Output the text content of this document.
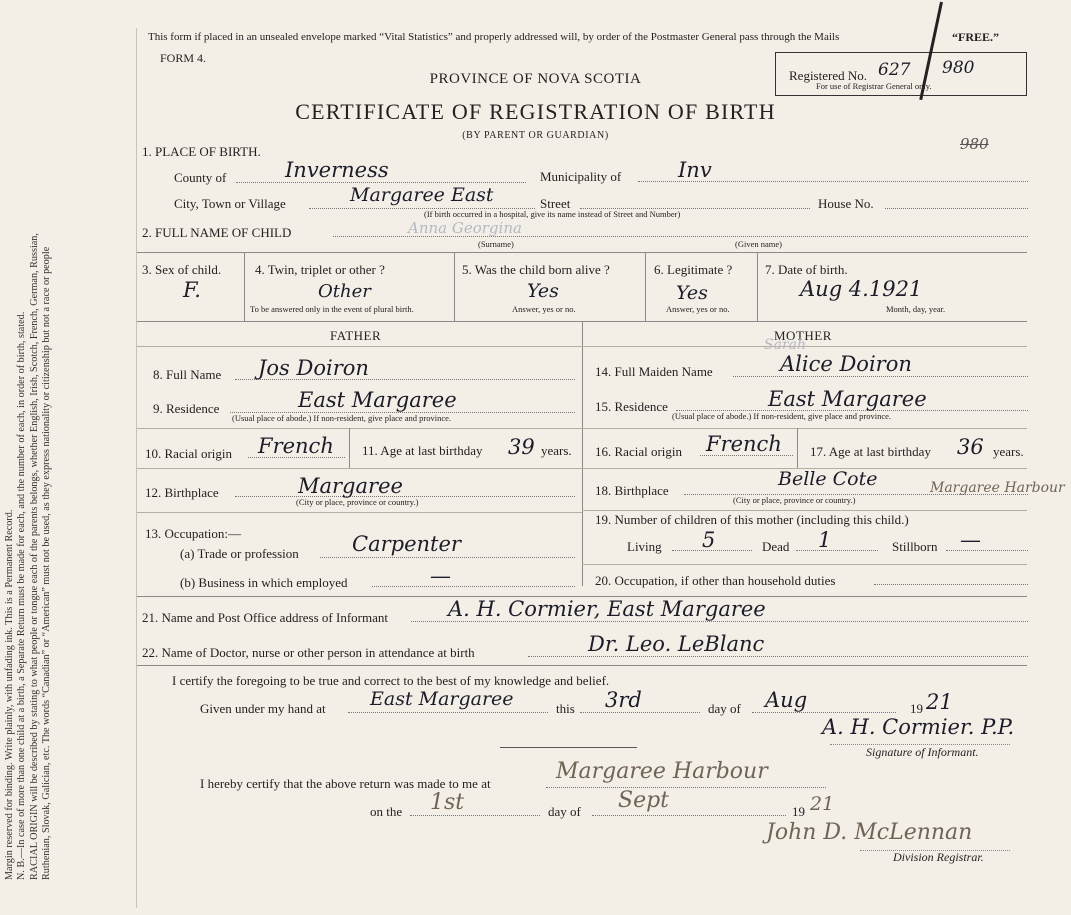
Margin reserved for binding. Write plainly, with unfading ink. This is a Permanent Record. N. B.—In case of more than one child at a birth, a Separate Return must be made for each, and the number of each, in order of birth, stated. RACIAL ORIGIN will be described by stating to what people or tongue each of the parents belongs, whether English, Irish, Scotch, French, German, Russian, Ruthenian, Slovak, Galician, etc. The words “Canadian” or “American” must not be used, as they express nationality or citizenship but not a race or people
This form if placed in an unsealed envelope marked “Vital Statistics” and properly addressed will, by order of the Postmaster General pass through the Mails	“FREE.”
FORM 4.
Registered No. 627 980
For use of Registrar General only.
PROVINCE OF NOVA SCOTIA
CERTIFICATE OF REGISTRATION OF BIRTH
(BY PARENT OR GUARDIAN)
1. PLACE OF BIRTH.	980
County of	Inverness	Municipality of	Inv
City, Town or Village	Margaree East	Street	House No.
(If birth occurred in a hospital, give its name instead of Street and Number)
2. FULL NAME OF CHILD	Anna Georgina
(Surname)	(Given name)
3. Sex of child.
F.
4. Twin, triplet or other ?
Other
To be answered only in the event of plural birth.
5. Was the child born alive ?
Yes
Answer, yes or no.
6. Legitimate ?
Yes
Answer, yes or no.
7. Date of birth.
Aug 4.1921
Month, day, year.
FATHER	MOTHER
8. Full Name Jos Doiron
9. Residence	East Margaree
(Usual place of abode.) If non-resident, give place and province.
10. Racial origin French 11. Age at last birthday 39 years.
12. Birthplace	Margaree
(City or place, province or country.)
13. Occupation:—
(a) Trade or profession	Carpenter
(b) Business in which employed	—
Sarah
14. Full Maiden Name	Alice Doiron
15. Residence	East Margaree
(Usual place of abode.) If non-resident, give place and province.
16. Racial origin French 17. Age at last birthday 36 years.
18. Birthplace
Belle Cote	Margaree Harbour
(City or place, province or country.)
19. Number of children of this mother (including this child.)
Living 5	Dead 1	Stillborn —
20. Occupation, if other than household duties
21. Name and Post Office address of Informant	A. H. Cormier, East Margaree
22. Name of Doctor, nurse or other person in attendance at birth	Dr. Leo. LeBlanc
I certify the foregoing to be true and correct to the best of my knowledge and belief.
Given under my hand at East Margaree	this 3rd	day of Aug	19 21
A. H. Cormier. P.P.
Signature of Informant.
I hereby certify that the above return was made to me at	Margaree Harbour
on the 1st	day of Sept	19 21
John D. McLennan
Division Registrar.
